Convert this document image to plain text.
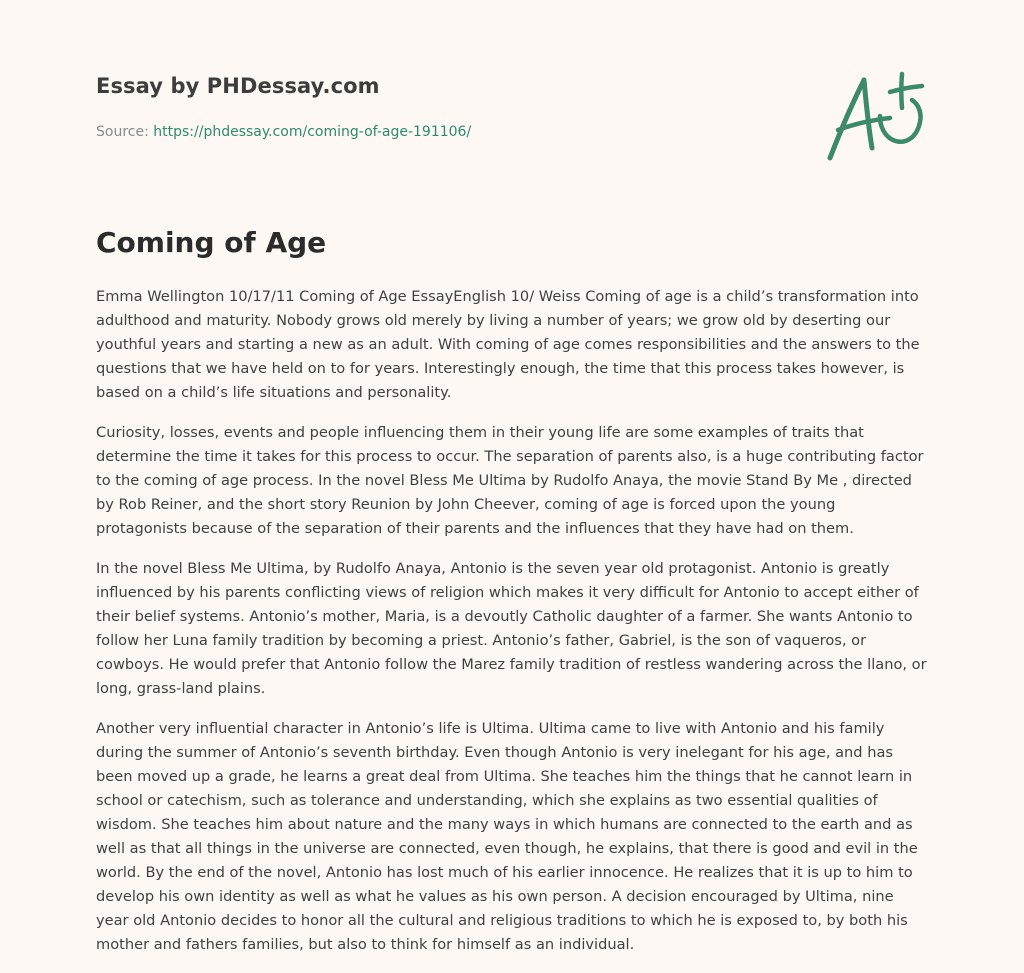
Essay by PHDessay.com
Source: https://phdessay.com/coming-of-age-191106/
Coming of Age

Emma Wellington 10/17/11 Coming of Age EssayEnglish 10/ Weiss Coming of age is a child’s transformation into adulthood and maturity. Nobody grows old merely by living a number of years; we grow old by deserting our youthful years and starting a new as an adult. With coming of age comes responsibilities and the answers to the questions that we have held on to for years. Interestingly enough, the time that this process takes however, is based on a child’s life situations and personality.

Curiosity, losses, events and people influencing them in their young life are some examples of traits that determine the time it takes for this process to occur. The separation of parents also, is a huge contributing factor to the coming of age process. In the novel Bless Me Ultima by Rudolfo Anaya, the movie Stand By Me , directed by Rob Reiner, and the short story Reunion by John Cheever, coming of age is forced upon the young protagonists because of the separation of their parents and the influences that they have had on them.

In the novel Bless Me Ultima, by Rudolfo Anaya, Antonio is the seven year old protagonist. Antonio is greatly influenced by his parents conflicting views of religion which makes it very difficult for Antonio to accept either of their belief systems. Antonio’s mother, Maria, is a devoutly Catholic daughter of a farmer. She wants Antonio to follow her Luna family tradition by becoming a priest. Antonio’s father, Gabriel, is the son of vaqueros, or cowboys. He would prefer that Antonio follow the Marez family tradition of restless wandering across the llano, or long, grass-land plains.

Another very influential character in Antonio’s life is Ultima. Ultima came to live with Antonio and his family during the summer of Antonio’s seventh birthday. Even though Antonio is very inelegant for his age, and has been moved up a grade, he learns a great deal from Ultima. She teaches him the things that he cannot learn in school or catechism, such as tolerance and understanding, which she explains as two essential qualities of wisdom. She teaches him about nature and the many ways in which humans are connected to the earth and as well as that all things in the universe are connected, even though, he explains, that there is good and evil in the world. By the end of the novel, Antonio has lost much of his earlier innocence. He realizes that it is up to him to develop his own identity as well as what he values as his own person. A decision encouraged by Ultima, nine year old Antonio decides to honor all the cultural and religious traditions to which he is exposed to, by both his mother and fathers families, but also to think for himself as an individual.
